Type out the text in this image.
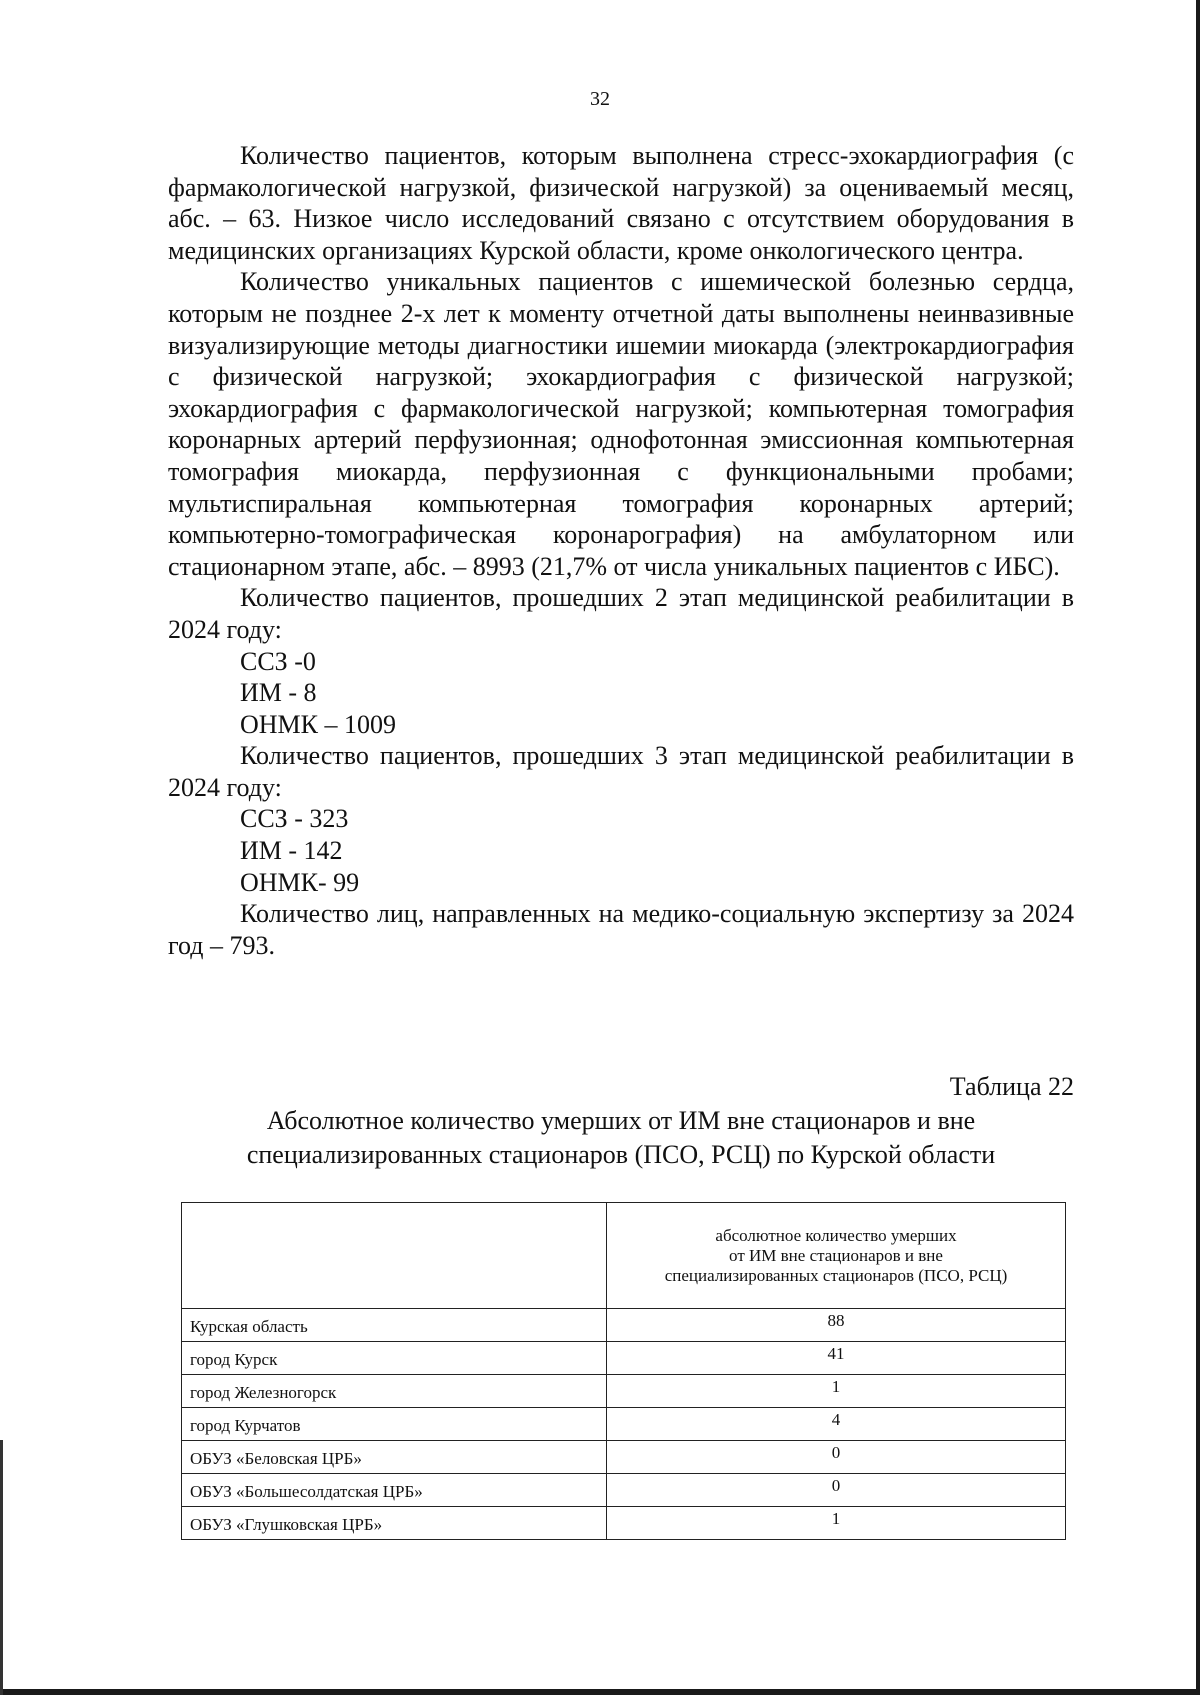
32

Количество пациентов, которым выполнена стресс-эхокардиография (с фармакологической нагрузкой, физической нагрузкой) за оцениваемый месяц, абс. – 63. Низкое число исследований связано с отсутствием оборудования в медицинских организациях Курской области, кроме онкологического центра.

Количество уникальных пациентов с ишемической болезнью сердца, которым не позднее 2-х лет к моменту отчетной даты выполнены неинвазивные визуализирующие методы диагностики ишемии миокарда (электрокардиография с физической нагрузкой; эхокардиография с физической нагрузкой; эхокардиография с фармакологической нагрузкой; компьютерная томография коронарных артерий перфузионная; однофотонная эмиссионная компьютерная томография миокарда, перфузионная с функциональными пробами; мультиспиральная компьютерная томография коронарных артерий; компьютерно-томографическая коронарография) на амбулаторном или стационарном этапе, абс. – 8993 (21,7% от числа уникальных пациентов с ИБС).

Количество пациентов, прошедших 2 этап медицинской реабилитации в 2024 году:

ССЗ -0

ИМ - 8

ОНМК – 1009

Количество пациентов, прошедших 3 этап медицинской реабилитации в 2024 году:

ССЗ - 323

ИМ - 142

ОНМК- 99

Количество лиц, направленных на медико-социальную экспертизу за 2024 год – 793.

Таблица 22
Абсолютное количество умерших от ИМ вне стационаров и вне
специализированных стационаров (ПСО, РСЦ) по Курской области

	абсолютное количество умерших
от ИМ вне стационаров и вне
специализированных стационаров (ПСО, РСЦ)

Курская область	88
город Курск	41
город Железногорск	1
город Курчатов	4
ОБУЗ «Беловская ЦРБ»	0
ОБУЗ «Большесолдатская ЦРБ»	0
ОБУЗ «Глушковская ЦРБ»	1
